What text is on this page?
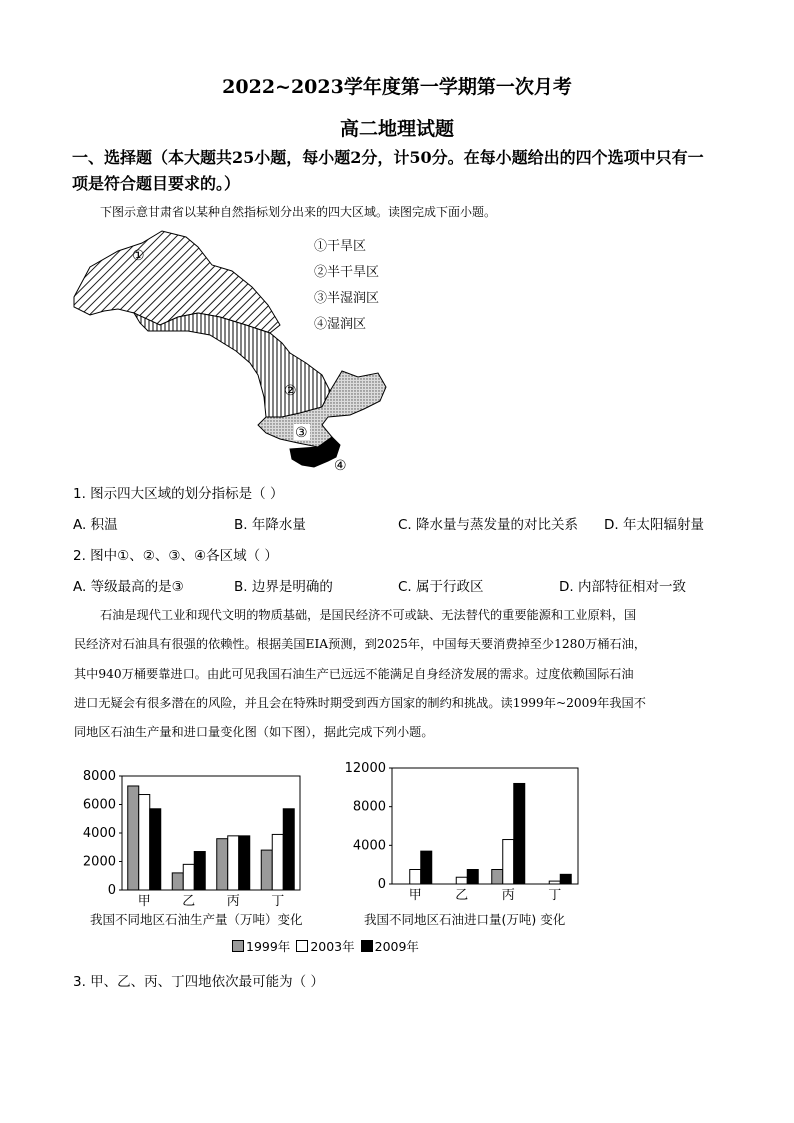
2022~2023学年度第一学期第一次月考
高二地理试题
一、选择题（本大题共25小题，每小题2分，计50分。在每小题给出的四个选项中只有一
项是符合题目要求的。）
下图示意甘肃省以某种自然指标划分出来的四大区域。读图完成下面小题。
①
②
③
④
①干旱区
②半干旱区
③半湿润区
④湿润区
1. 图示四大区域的划分指标是（ ）
A. 积温	B. 年降水量	C. 降水量与蒸发量的对比关系 D. 年太阳辐射量
2. 图中①、②、③、④各区域（ ）
A. 等级最高的是③	B. 边界是明确的	C. 属于行政区	D. 内部特征相对一致
石油是现代工业和现代文明的物质基础，是国民经济不可或缺、无法替代的重要能源和工业原料，国
民经济对石油具有很强的依赖性。根据美国EIA预测，到2025年，中国每天要消费掉至少1280万桶石油，
其中940万桶要靠进口。由此可见我国石油生产已远远不能满足自身经济发展的需求。过度依赖国际石油
进口无疑会有很多潜在的风险，并且会在特殊时期受到西方国家的制约和挑战。读1999年~2009年我国不
同地区石油生产量和进口量变化图（如下图），据此完成下列小题。
0
2000
4000
6000
8000
甲 乙 丙 丁
0
4000
8000
12000
甲	乙	丙	丁
我国不同地区石油生产量（万吨）变化	我国不同地区石油进口量(万吨) 变化
1999年 2003年 2009年
3. 甲、乙、丙、丁四地依次最可能为（ ）
